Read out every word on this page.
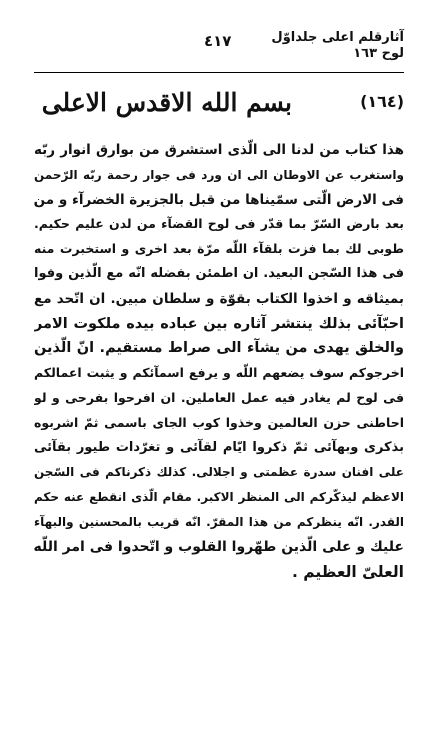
٤١٧	آثارقلم اعلى جلداوّل
لوح ١٦٣
(١٦٤)
بسم الله الاقدس الاعلى
هذا كتاب من لدنا الى الّذى استشرق من بوارق انوار ربّه
واستغرب عن الاوطان الى ان ورد فى جوار رحمة ربّه الرّحمن
فى الارض الّتى سمّيناها من قبل بالجزيرة الخضرآء و من
بعد بارض السّرّ بما قدّر فى لوح القضآء من لدن عليم حكيم.
طوبى لك بما فزت بلقآء اللّه مرّة بعد اخرى و استخبرت منه
فى هذا السّجن البعيد. ان اطمئن بفضله انّه مع الّذين وفوا
بميثاقه و اخذوا الكتاب بقوّة و سلطان مبين. ان اتّحد مع
احبّآئى بذلك ينتشر آثاره بين عباده بيده ملكوت الامر
والخلق يهدى من يشآء الى صراط مستقيم. انّ الّذين
اخرجوكم سوف يضعهم اللّه و يرفع اسمآئكم و يثبت اعمالكم
فى لوح لم يغادر فيه عمل العاملين. ان افرحوا بفرحى و لو
احاطنى حزن العالمين وخذوا كوب الجاى باسمى ثمّ اشربوه
بذكرى وبهآئى ثمّ ذكروا ايّام لقآئى و تغرّدات طيور بقآئى
على افنان سدرة عظمتى و اجلالى. كذلك ذكرناكم فى السّجن
الاعظم ليذكّركم الى المنظر الاكبر. مقام الّذى انقطع عنه حكم
القدر. انّه ينظركم من هذا المقرّ. انّه قريب بالمحسنين والبهآء
عليك و على الّذين طهّروا القلوب و اتّحدوا فى امر اللّه
العلىّ العظيم .
